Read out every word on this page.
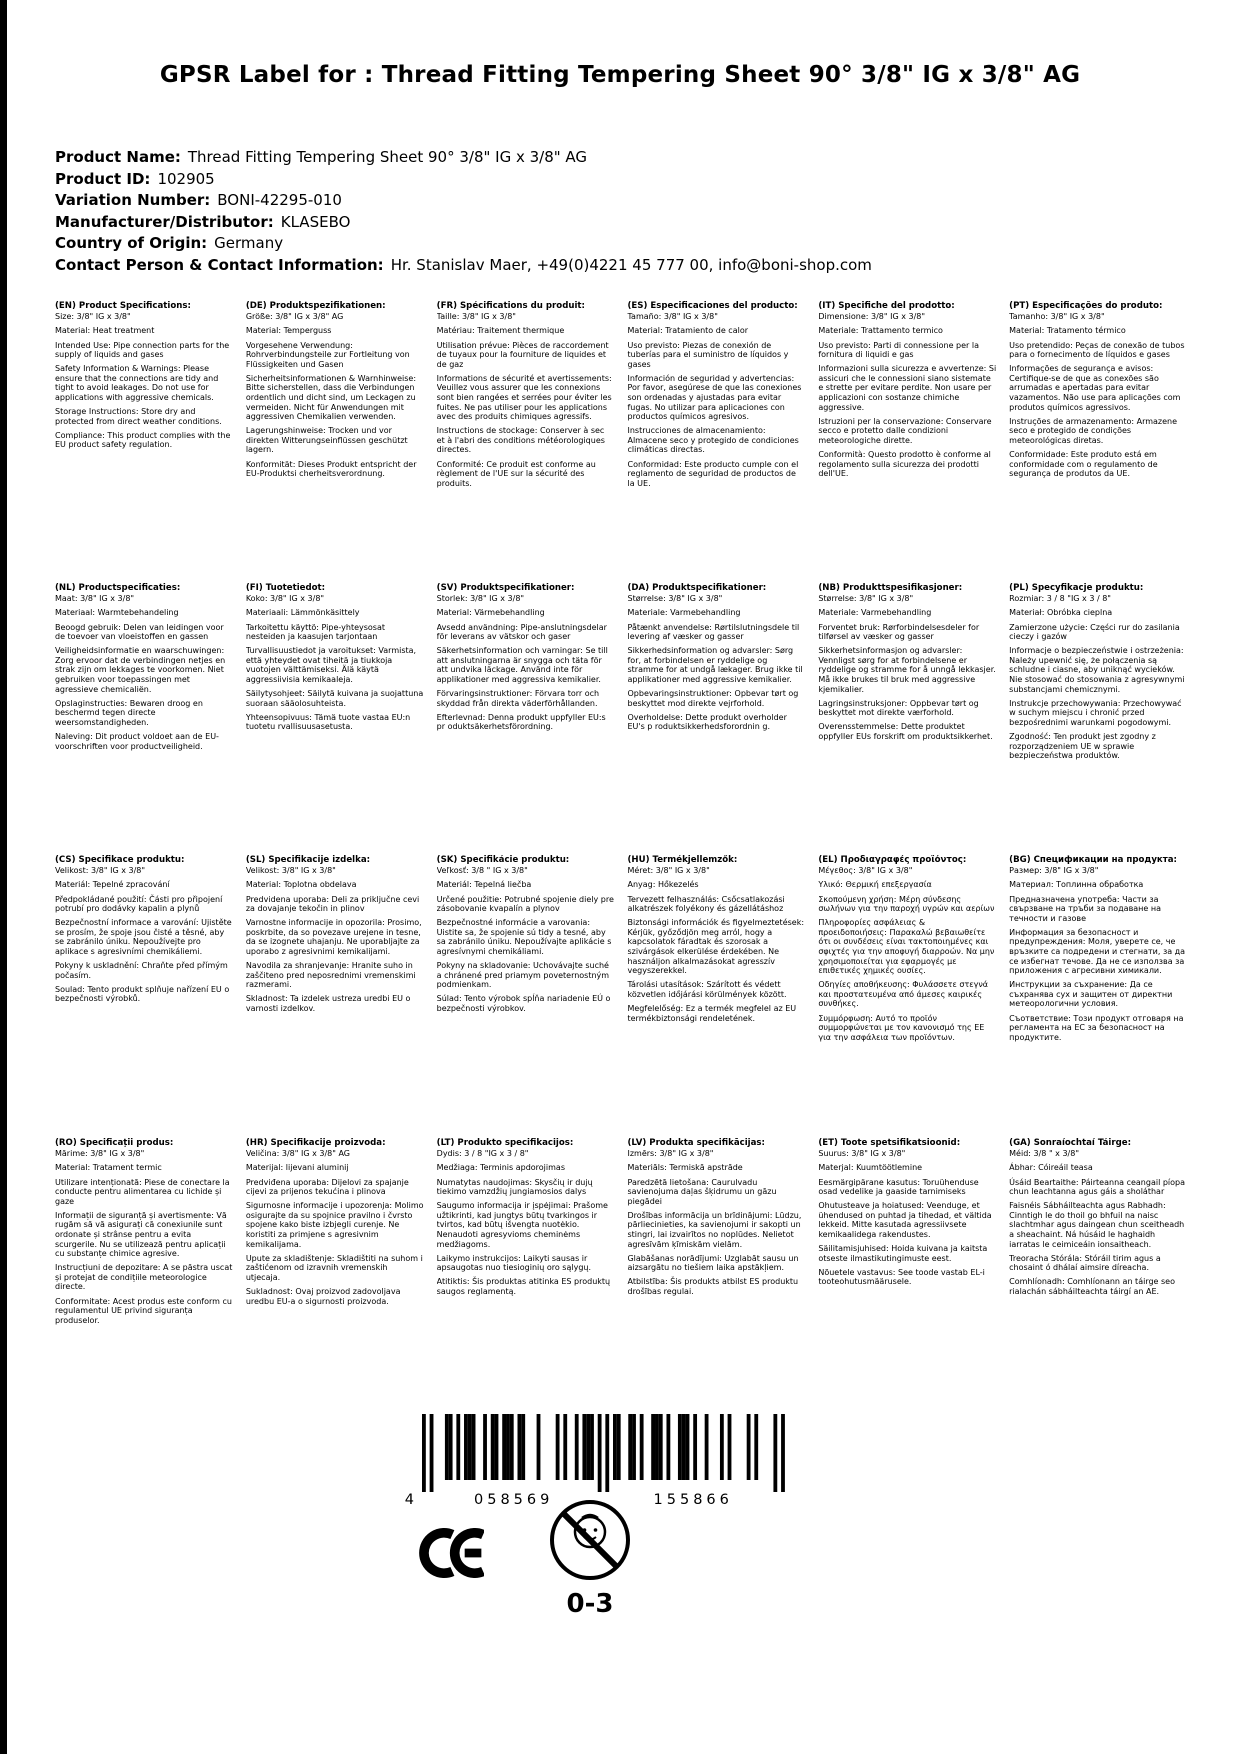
GPSR Label for : Thread Fitting Tempering Sheet 90° 3/8" IG x 3/8" AG
Product Name: Thread Fitting Tempering Sheet 90° 3/8" IG x 3/8" AG
Product ID: 102905
Variation Number: BONI-42295-010
Manufacturer/Distributor: KLASEBO
Country of Origin: Germany
Contact Person & Contact Information: Hr. Stanislav Maer, +49(0)4221 45 777 00, info@boni-shop.com
(EN) Product Specifications:

Size: 3/8" IG x 3/8"

Material: Heat treatment

Intended Use: Pipe connection parts for the supply of liquids and gases

Safety Information & Warnings: Please ensure that the connections are tidy and tight to avoid leakages. Do not use for applications with aggressive chemicals.

Storage Instructions: Store dry and protected from direct weather conditions.

Compliance: This product complies with the EU product safety regulation.

(DE) Produktspezifikationen:

Größe: 3/8" IG x 3/8" AG

Material: Temperguss

Vorgesehene Verwendung: Rohrverbindungsteile zur Fortleitung von Flüssigkeiten und Gasen

Sicherheitsinformationen & Warnhinweise: Bitte sicherstellen, dass die Verbindungen ordentlich und dicht sind, um Leckagen zu vermeiden. Nicht für Anwendungen mit aggressiven Chemikalien verwenden.

Lagerungshinweise: Trocken und vor direkten Witterungseinflüssen geschützt lagern.

Konformität: Dieses Produkt entspricht der EU-Produktsi cherheitsverordnung.

(FR) Spécifications du produit:

Taille: 3/8" IG x 3/8"

Matériau: Traitement thermique

Utilisation prévue: Pièces de raccordement de tuyaux pour la fourniture de liquides et de gaz

Informations de sécurité et avertissements: Veuillez vous assurer que les connexions sont bien rangées et serrées pour éviter les fuites. Ne pas utiliser pour les applications avec des produits chimiques agressifs.

Instructions de stockage: Conserver à sec et à l'abri des conditions météorologiques directes.

Conformité: Ce produit est conforme au règlement de l'UE sur la sécurité des produits.

(ES) Especificaciones del producto:

Tamaño: 3/8" IG x 3/8"

Material: Tratamiento de calor

Uso previsto: Piezas de conexión de tuberías para el suministro de líquidos y gases

Información de seguridad y advertencias: Por favor, asegúrese de que las conexiones son ordenadas y ajustadas para evitar fugas. No utilizar para aplicaciones con productos químicos agresivos.

Instrucciones de almacenamiento: Almacene seco y protegido de condiciones climáticas directas.

Conformidad: Este producto cumple con el reglamento de seguridad de productos de la UE.

(IT) Specifiche del prodotto:

Dimensione: 3/8" IG x 3/8"

Materiale: Trattamento termico

Uso previsto: Parti di connessione per la fornitura di liquidi e gas

Informazioni sulla sicurezza e avvertenze: Si assicuri che le connessioni siano sistemate e strette per evitare perdite. Non usare per applicazioni con sostanze chimiche aggressive.

Istruzioni per la conservazione: Conservare secco e protetto dalle condizioni meteorologiche dirette.

Conformità: Questo prodotto è conforme al regolamento sulla sicurezza dei prodotti dell'UE.

(PT) Especificações do produto:

Tamanho: 3/8" IG x 3/8"

Material: Tratamento térmico

Uso pretendido: Peças de conexão de tubos para o fornecimento de líquidos e gases

Informações de segurança e avisos: Certifique-se de que as conexões são arrumadas e apertadas para evitar vazamentos. Não use para aplicações com produtos químicos agressivos.

Instruções de armazenamento: Armazene seco e protegido de condições meteorológicas diretas.

Conformidade: Este produto está em conformidade com o regulamento de segurança de produtos da UE.

(NL) Productspecificaties:

Maat: 3/8" IG x 3/8"

Materiaal: Warmtebehandeling

Beoogd gebruik: Delen van leidingen voor de toevoer van vloeistoffen en gassen

Veiligheidsinformatie en waarschuwingen: Zorg ervoor dat de verbindingen netjes en strak zijn om lekkages te voorkomen. Niet gebruiken voor toepassingen met agressieve chemicaliën.

Opslaginstructies: Bewaren droog en beschermd tegen directe weersomstandigheden.

Naleving: Dit product voldoet aan de EU-voorschriften voor productveiligheid.

(FI) Tuotetiedot:

Koko: 3/8" IG x 3/8"

Materiaali: Lämmönkäsittely

Tarkoitettu käyttö: Pipe-yhteysosat nesteiden ja kaasujen tarjontaan

Turvallisuustiedot ja varoitukset: Varmista, että yhteydet ovat tiheitä ja tiukkoja vuotojen välttämiseksi. Älä käytä aggressiivisia kemikaaleja.

Säilytysohjeet: Säilytä kuivana ja suojattuna suoraan sääolosuhteista.

Yhteensopivuus: Tämä tuote vastaa EU:n tuotetu rvallisuusasetusta.

(SV) Produktspecifikationer:

Storlek: 3/8" IG x 3/8"

Material: Värmebehandling

Avsedd användning: Pipe-anslutningsdelar för leverans av vätskor och gaser

Säkerhetsinformation och varningar: Se till att anslutningarna är snygga och täta för att undvika läckage. Använd inte för applikationer med aggressiva kemikalier.

Förvaringsinstruktioner: Förvara torr och skyddad från direkta väderförhållanden.

Efterlevnad: Denna produkt uppfyller EU:s pr oduktsäkerhetsförordning.

(DA) Produktspecifikationer:

Størrelse: 3/8" IG x 3/8"

Materiale: Varmebehandling

Påtænkt anvendelse: Rørtilslutningsdele til levering af væsker og gasser

Sikkerhedsinformation og advarsler: Sørg for, at forbindelsen er ryddelige og stramme for at undgå lækager. Brug ikke til applikationer med aggressive kemikalier.

Opbevaringsinstruktioner: Opbevar tørt og beskyttet mod direkte vejrforhold.

Overholdelse: Dette produkt overholder EU's p roduktsikkerhedsforordnin g.

(NB) Produkttspesifikasjoner:

Størrelse: 3/8" IG x 3/8"

Materiale: Varmebehandling

Forventet bruk: Rørforbindelsesdeler for tilførsel av væsker og gasser

Sikkerhetsinformasjon og advarsler: Vennligst sørg for at forbindelsene er ryddelige og stramme for å unngå lekkasjer. Må ikke brukes til bruk med aggressive kjemikalier.

Lagringsinstruksjoner: Oppbevar tørt og beskyttet mot direkte værforhold.

Overensstemmelse: Dette produktet oppfyller EUs forskrift om produktsikkerhet.

(PL) Specyfikacje produktu:

Rozmiar: 3 / 8 "IG x 3 / 8"

Materiał: Obróbka cieplna

Zamierzone użycie: Części rur do zasilania cieczy i gazów

Informacje o bezpieczeństwie i ostrzeżenia: Należy upewnić się, że połączenia są schludne i ciasne, aby uniknąć wycieków. Nie stosować do stosowania z agresywnymi substancjami chemicznymi.

Instrukcje przechowywania: Przechowywać w suchym miejscu i chronić przed bezpośrednimi warunkami pogodowymi.

Zgodność: Ten produkt jest zgodny z rozporządzeniem UE w sprawie bezpieczeństwa produktów.

(CS) Specifikace produktu:

Velikost: 3/8" IG x 3/8"

Materiál: Tepelné zpracování

Předpokládané použití: Části pro připojení potrubí pro dodávky kapalin a plynů

Bezpečnostní informace a varování: Ujistěte se prosím, že spoje jsou čisté a těsné, aby se zabránilo úniku. Nepoužívejte pro aplikace s agresivními chemikáliemi.

Pokyny k uskladnění: Chraňte před přímým počasím.

Soulad: Tento produkt splňuje nařízení EU o bezpečnosti výrobků.

(SL) Specifikacije izdelka:

Velikost: 3/8" IG x 3/8"

Material: Toplotna obdelava

Predvidena uporaba: Deli za priključne cevi za dovajanje tekočin in plinov

Varnostne informacije in opozorila: Prosimo, poskrbite, da so povezave urejene in tesne, da se izognete uhajanju. Ne uporabljajte za uporabo z agresivnimi kemikalijami.

Navodila za shranjevanje: Hranite suho in zaščiteno pred neposrednimi vremenskimi razmerami.

Skladnost: Ta izdelek ustreza uredbi EU o varnosti izdelkov.

(SK) Špecifikácie produktu:

Veľkosť: 3/8 " IG x 3/8"

Materiál: Tepelná liečba

Určené použitie: Potrubné spojenie diely pre zásobovanie kvapalín a plynov

Bezpečnostné informácie a varovania: Uistite sa, že spojenie sú tidy a tesné, aby sa zabránilo úniku. Nepoužívajte aplikácie s agresívnymi chemikáliami.

Pokyny na skladovanie: Uchovávajte suché a chránené pred priamym poveternostným podmienkam.

Súlad: Tento výrobok spĺňa nariadenie EÚ o bezpečnosti výrobkov.

(HU) Termékjellemzők:

Méret: 3/8" IG x 3/8"

Anyag: Hőkezelés

Tervezett felhasználás: Csőcsatlakozási alkatrészek folyékony és gázellátáshoz

Biztonsági információk és figyelmeztetések: Kérjük, győződjön meg arról, hogy a kapcsolatok fáradtak és szorosak a szivárgások elkerülése érdekében. Ne használjon alkalmazásokat agresszív vegyszerekkel.

Tárolási utasítások: Szárított és védett közvetlen időjárási körülmények között.

Megfelelőség: Ez a termék megfelel az EU termékbiztonsági rendeletének.

(EL) Προδιαγραφές προϊόντος:

Μέγεθος: 3/8" IG x 3/8"

Υλικό: Θερμική επεξεργασία

Σκοπούμενη χρήση: Μέρη σύνδεσης σωλήνων για την παροχή υγρών και αερίων

Πληροφορίες ασφάλειας & προειδοποιήσεις: Παρακαλώ βεβαιωθείτε ότι οι συνδέσεις είναι τακτοποιημένες και σφιχτές για την αποφυγή διαρροών. Να μην χρησιμοποιείται για εφαρμογές με επιθετικές χημικές ουσίες.

Οδηγίες αποθήκευσης: Φυλάσσετε στεγνά και προστατευμένα από άμεσες καιρικές συνθήκες.

Συμμόρφωση: Αυτό το προϊόν συμμορφώνεται με τον κανονισμό της ΕΕ για την ασφάλεια των προϊόντων.

(BG) Спецификации на продукта:

Размер: 3/8" IG x 3/8"

Материал: Топлинна обработка

Предназначена употреба: Части за свързване на тръби за подаване на течности и газове

Информация за безопасност и предупреждения: Моля, уверете се, че връзките са подредени и стегнати, за да се избегнат течове. Да не се използва за приложения с агресивни химикали.

Инструкции за съхранение: Да се съхранява сух и защитен от директни метеорологични условия.

Съответствие: Този продукт отговаря на регламента на ЕС за безопасност на продуктите.

(RO) Specificații produs:

Mărime: 3/8" IG x 3/8"

Material: Tratament termic

Utilizare intenționată: Piese de conectare la conducte pentru alimentarea cu lichide și gaze

Informații de siguranță și avertismente: Vă rugăm să vă asigurați că conexiunile sunt ordonate și strânse pentru a evita scurgerile. Nu se utilizează pentru aplicații cu substanțe chimice agresive.

Instrucțiuni de depozitare: A se păstra uscat și protejat de condițiile meteorologice directe.

Conformitate: Acest produs este conform cu regulamentul UE privind siguranța produselor.

(HR) Specifikacije proizvoda:

Veličina: 3/8" IG x 3/8" AG

Materijal: lijevani aluminij

Predviđena uporaba: Dijelovi za spajanje cijevi za prijenos tekućina i plinova

Sigurnosne informacije i upozorenja: Molimo osigurajte da su spojnice pravilno i čvrsto spojene kako biste izbjegli curenje. Ne koristiti za primjene s agresivnim kemikalijama.

Upute za skladištenje: Skladištiti na suhom i zaštićenom od izravnih vremenskih utjecaja.

Sukladnost: Ovaj proizvod zadovoljava uredbu EU-a o sigurnosti proizvoda.

(LT) Produkto specifikacijos:

Dydis: 3 / 8 "IG x 3 / 8"

Medžiaga: Terminis apdorojimas

Numatytas naudojimas: Skysčių ir dujų tiekimo vamzdžių jungiamosios dalys

Saugumo informacija ir įspėjimai: Prašome užtikrinti, kad jungtys būtų tvarkingos ir tvirtos, kad būtų išvengta nuotėkio. Nenaudoti agresyvioms cheminėms medžiagoms.

Laikymo instrukcijos: Laikyti sausas ir apsaugotas nuo tiesioginių oro sąlygų.

Atitiktis: Šis produktas atitinka ES produktų saugos reglamentą.

(LV) Produkta specifikācijas:

Izmērs: 3/8" IG x 3/8"

Materiāls: Termiskā apstrāde

Paredzētā lietošana: Caurulvadu savienojuma daļas šķidrumu un gāzu piegādei

Drošības informācija un brīdinājumi: Lūdzu, pārliecinieties, ka savienojumi ir sakopti un stingri, lai izvairītos no noplūdes. Nelietot agresīvām ķīmiskām vielām.

Glabāšanas norādījumi: Uzglabāt sausu un aizsargātu no tiešiem laika apstākļiem.

Atbilstība: Šis produkts atbilst ES produktu drošības regulai.

(ET) Toote spetsifikatsioonid:

Suurus: 3/8" IG x 3/8"

Materjal: Kuumtöötlemine

Eesmärgipärane kasutus: Toruühenduse osad vedelike ja gaaside tarnimiseks

Ohutusteave ja hoiatused: Veenduge, et ühendused on puhtad ja tihedad, et vältida lekkeid. Mitte kasutada agressiivsete kemikaalidega rakendustes.

Säilitamisjuhised: Hoida kuivana ja kaitsta otseste ilmastikutingimuste eest.

Nõuetele vastavus: See toode vastab EL-i tooteohutusmäärusele.

(GA) Sonraíochtaí Táirge:

Méid: 3/8 " x 3/8"

Ábhar: Cóireáil teasa

Úsáid Beartaithe: Páirteanna ceangail píopa chun leachtanna agus gáis a sholáthar

Faisnéis Sábháilteachta agus Rabhadh: Cinntigh le do thoil go bhfuil na naisc slachtmhar agus daingean chun sceitheadh a sheachaint. Ná húsáid le haghaidh iarratas le ceimiceáin ionsaitheach.

Treoracha Stórála: Stóráil tirim agus a chosaint ó dhálaí aimsire díreacha.

Comhlíonadh: Comhlíonann an táirge seo rialachán sábháilteachta táirgí an AE.

4	058569	155866
0-3
